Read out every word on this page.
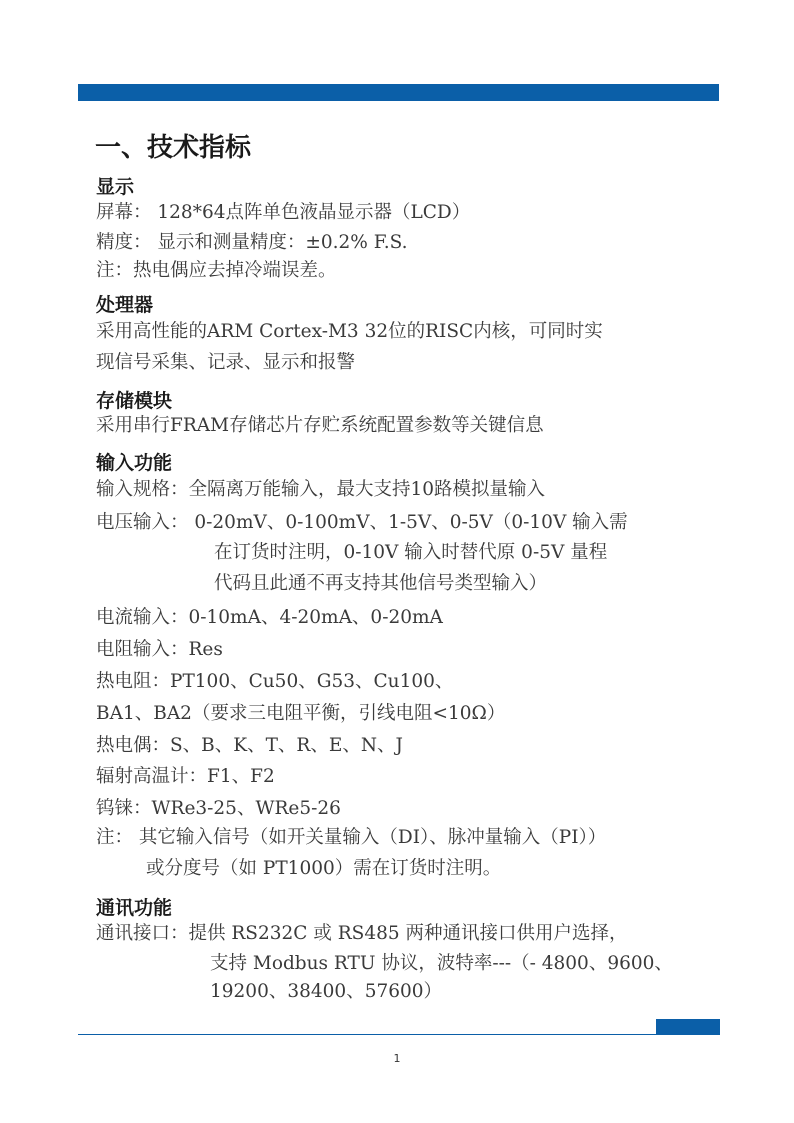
一、技术指标
显示

屏幕： 128*64点阵单色液晶显示器（LCD）

精度： 显示和测量精度：±0.2% F.S.

注：热电偶应去掉冷端误差。

处理器

采用高性能的ARM Cortex-M3 32位的RISC内核，可同时实

现信号采集、记录、显示和报警

存储模块

采用串行FRAM存储芯片存贮系统配置参数等关键信息

输入功能

输入规格：全隔离万能输入，最大支持10路模拟量输入

电压输入： 0-20mV、0-100mV、1-5V、0-5V（0-10V 输入需

在订货时注明，0-10V 输入时替代原 0-5V 量程

代码且此通不再支持其他信号类型输入）

电流输入：0-10mA、4-20mA、0-20mA

电阻输入：Res

热电阻：PT100、Cu50、G53、Cu100、

BA1、BA2（要求三电阻平衡，引线电阻<10Ω）

热电偶：S、B、K、T、R、E、N、J

辐射高温计：F1、F2

钨铼：WRe3-25、WRe5-26

注： 其它输入信号（如开关量输入（DI）、脉冲量输入（PI））

或分度号（如 PT1000）需在订货时注明。

通讯功能

通讯接口：提供 RS232C 或 RS485 两种通讯接口供用户选择，

支持 Modbus RTU 协议，波特率---（- 4800、9600、

19200、38400、57600）

1
